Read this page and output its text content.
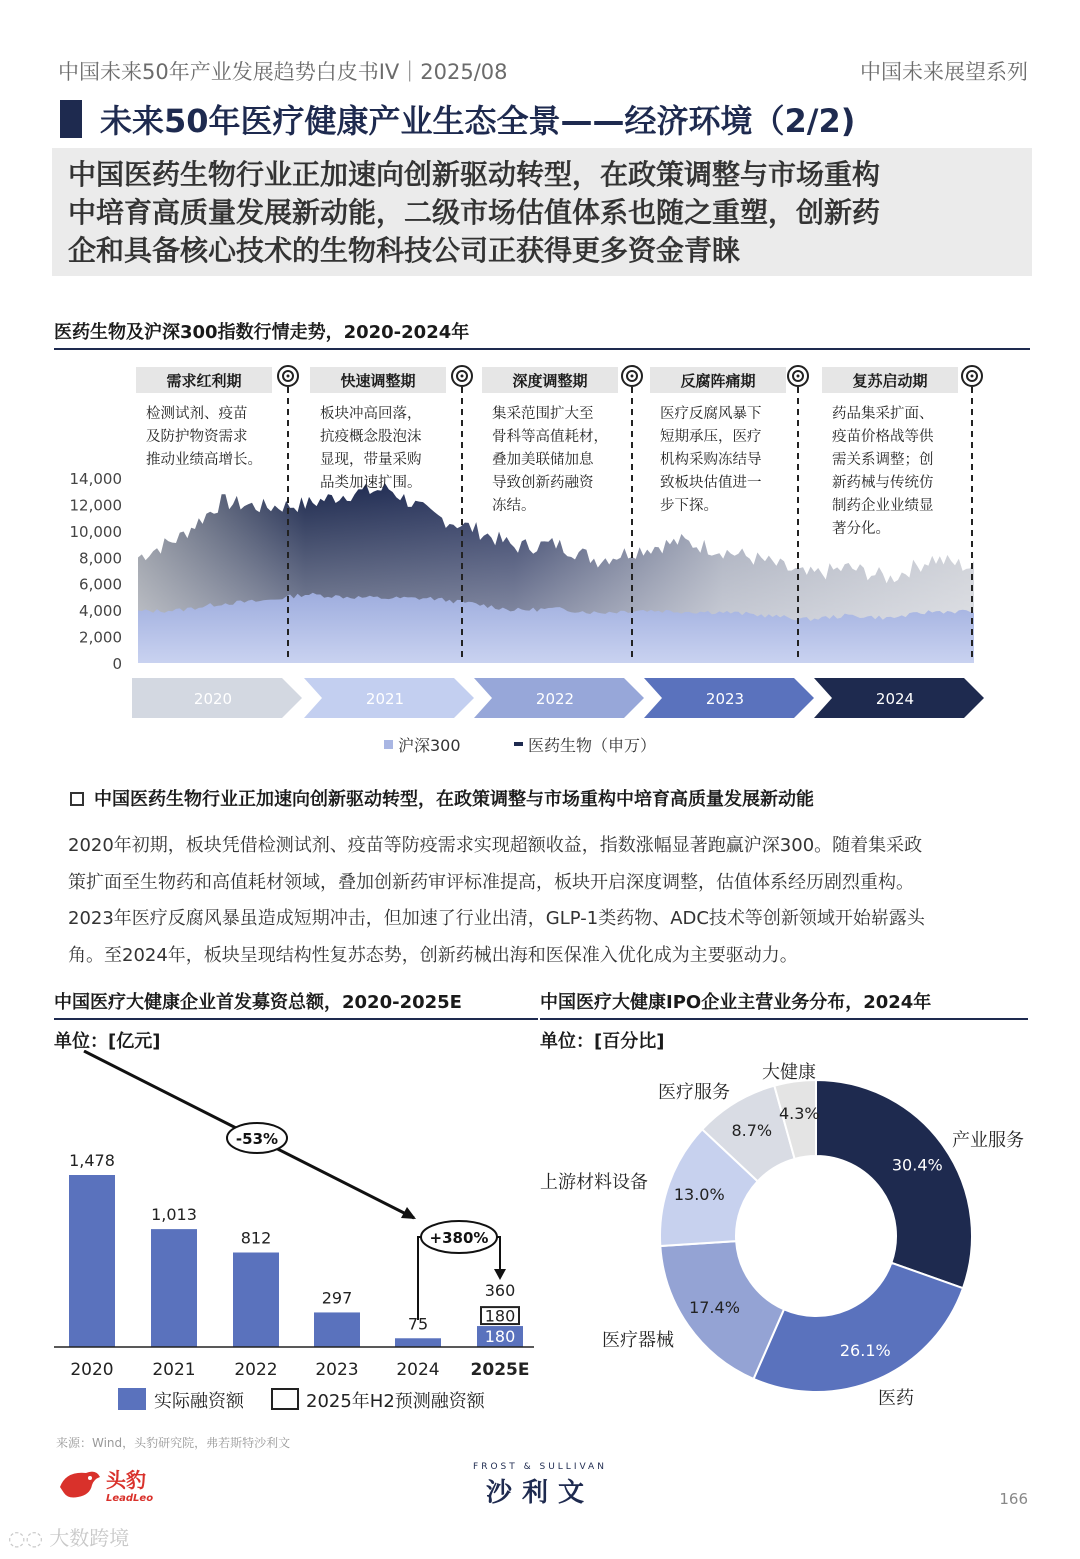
中国未来50年产业发展趋势白皮书IV｜2025/08	中国未来展望系列
未来50年医疗健康产业生态全景——经济环境（2/2)
中国医药生物行业正加速向创新驱动转型，在政策调整与市场重构
中培育高质量发展新动能，二级市场估值体系也随之重塑，创新药
企和具备核心技术的生物科技公司正获得更多资金青睐
医药生物及沪深300指数行情走势，2020-2024年
14,000
12,000
10,000
8,000
6,000
4,000
2,000
0
需求红利期
检测试剂、疫苗
及防护物资需求
推动业绩高增长。
快速调整期
板块冲高回落，
抗疫概念股泡沫
显现，带量采购
品类加速扩围。
深度调整期
集采范围扩大至
骨科等高值耗材，
叠加美联储加息
导致创新药融资
冻结。
反腐阵痛期
医疗反腐风暴下
短期承压，医疗
机构采购冻结导
致板块估值进一
步下探。
复苏启动期
药品集采扩面、
疫苗价格战等供
需关系调整；创
新药械与传统仿
制药企业业绩显
著分化。
2020	2021	2022	2023	2024
沪深300	医药生物（申万）
中国医药生物行业正加速向创新驱动转型，在政策调整与市场重构中培育高质量发展新动能
2020年初期，板块凭借检测试剂、疫苗等防疫需求实现超额收益，指数涨幅显著跑赢沪深300。随着集采政
策扩面至生物药和高值耗材领域，叠加创新药审评标准提高，板块开启深度调整，估值体系经历剧烈重构。
2023年医疗反腐风暴虽造成短期冲击，但加速了行业出清，GLP-1类药物、ADC技术等创新领域开始崭露头
角。至2024年，板块呈现结构性复苏态势，创新药械出海和医保准入优化成为主要驱动力。
中国医疗大健康企业首发募资总额，2020-2025E	中国医疗大健康IPO企业主营业务分布，2024年
单位：[亿元]	单位：[百分比]
1,478
2020
1,013
2021
812
2022
297
2023
75
2024
180
180
360
2025E
-53%
+380%
实际融资额	2025年H2预测融资额
30.4%
产业服务
26.1%
医药
17.4%
医疗器械
13.0%
上游材料设备
8.7%
医疗服务
4.3%
大健康
来源：Wind，头豹研究院，弗若斯特沙利文
头豹
LeadLeo
FROST & SULLIVAN
沙利文	166
◌◌ 大数跨境
